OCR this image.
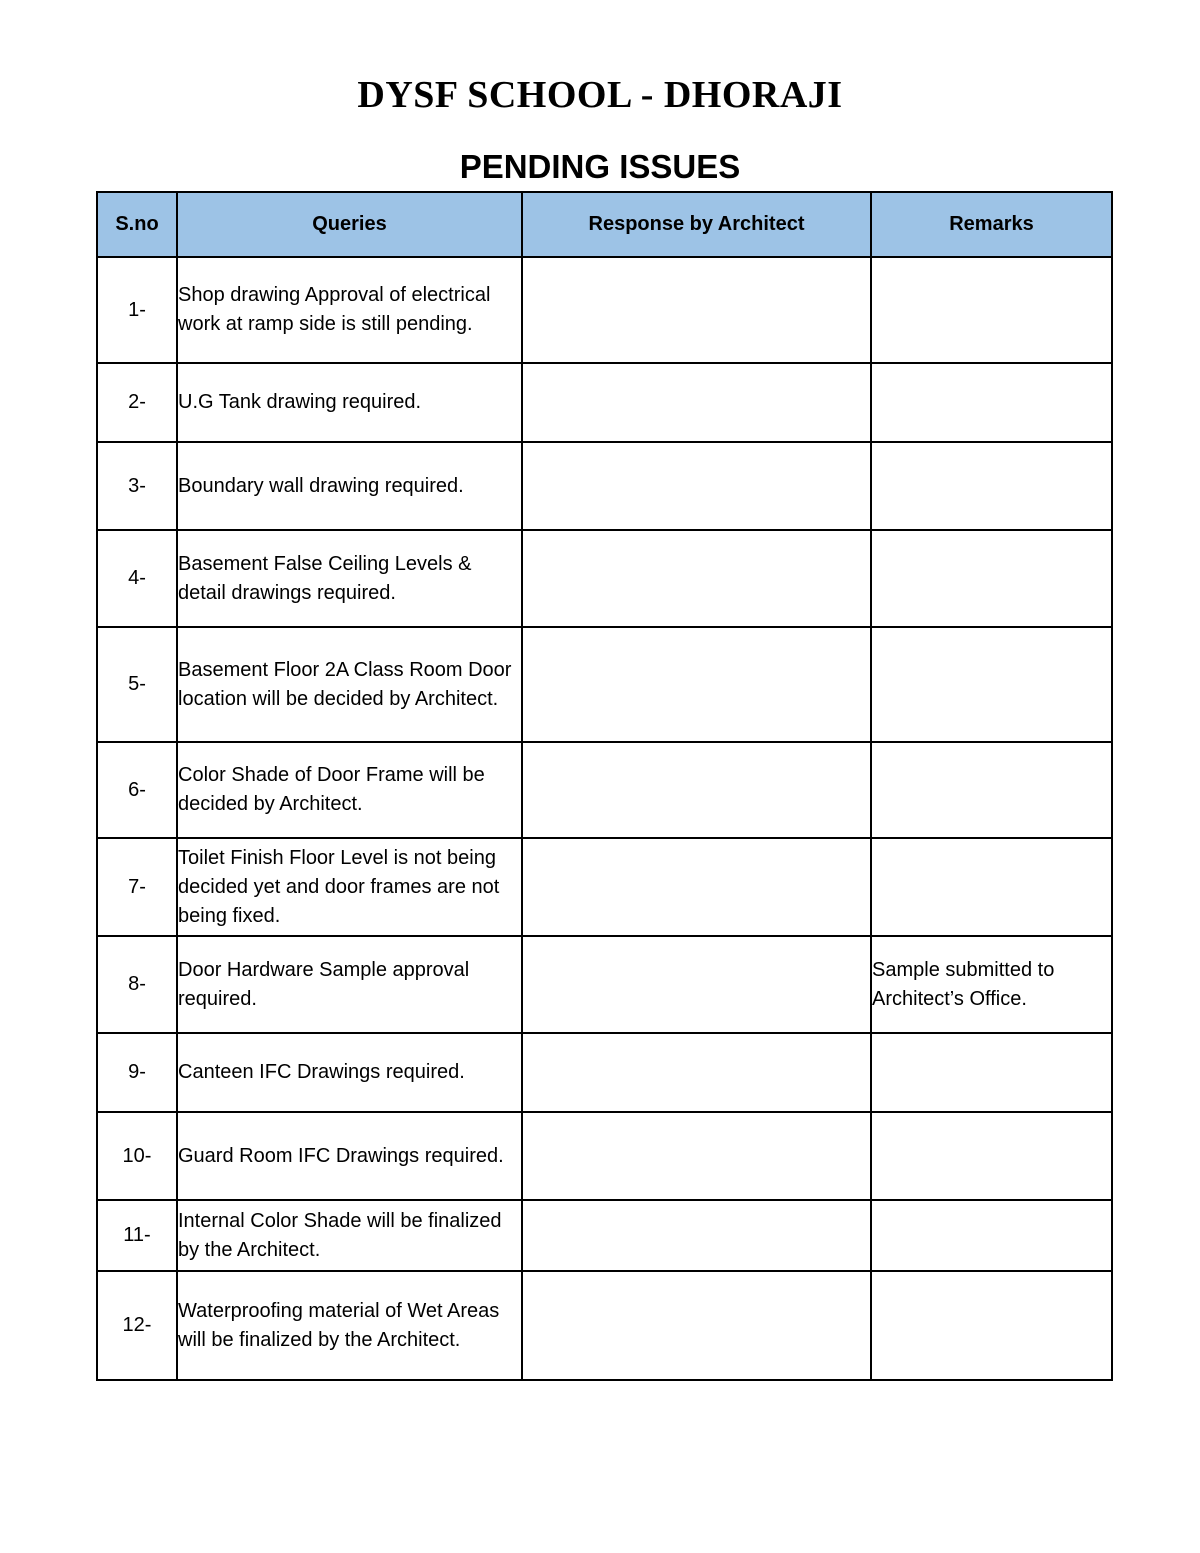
DYSF SCHOOL - DHORAJI
PENDING ISSUES
S.no	Queries	Response by Architect	Remarks
1-	Shop drawing Approval of electrical work at ramp side is still pending.		
2-	U.G Tank drawing required.		
3-	Boundary wall drawing required.		
4-	Basement False Ceiling Levels & detail drawings required.		
5-	Basement Floor 2A Class Room Door location will be decided by Architect.		
6-	Color Shade of Door Frame will be decided by Architect.		
7-	Toilet Finish Floor Level is not being decided yet and door frames are not being fixed.		
8-	Door Hardware Sample approval required.		Sample submitted to Architect’s Office.
9-	Canteen IFC Drawings required.		
10-	Guard Room IFC Drawings required.		
11-	Internal Color Shade will be finalized by the Architect.		
12-	Waterproofing material of Wet Areas will be finalized by the Architect.		
